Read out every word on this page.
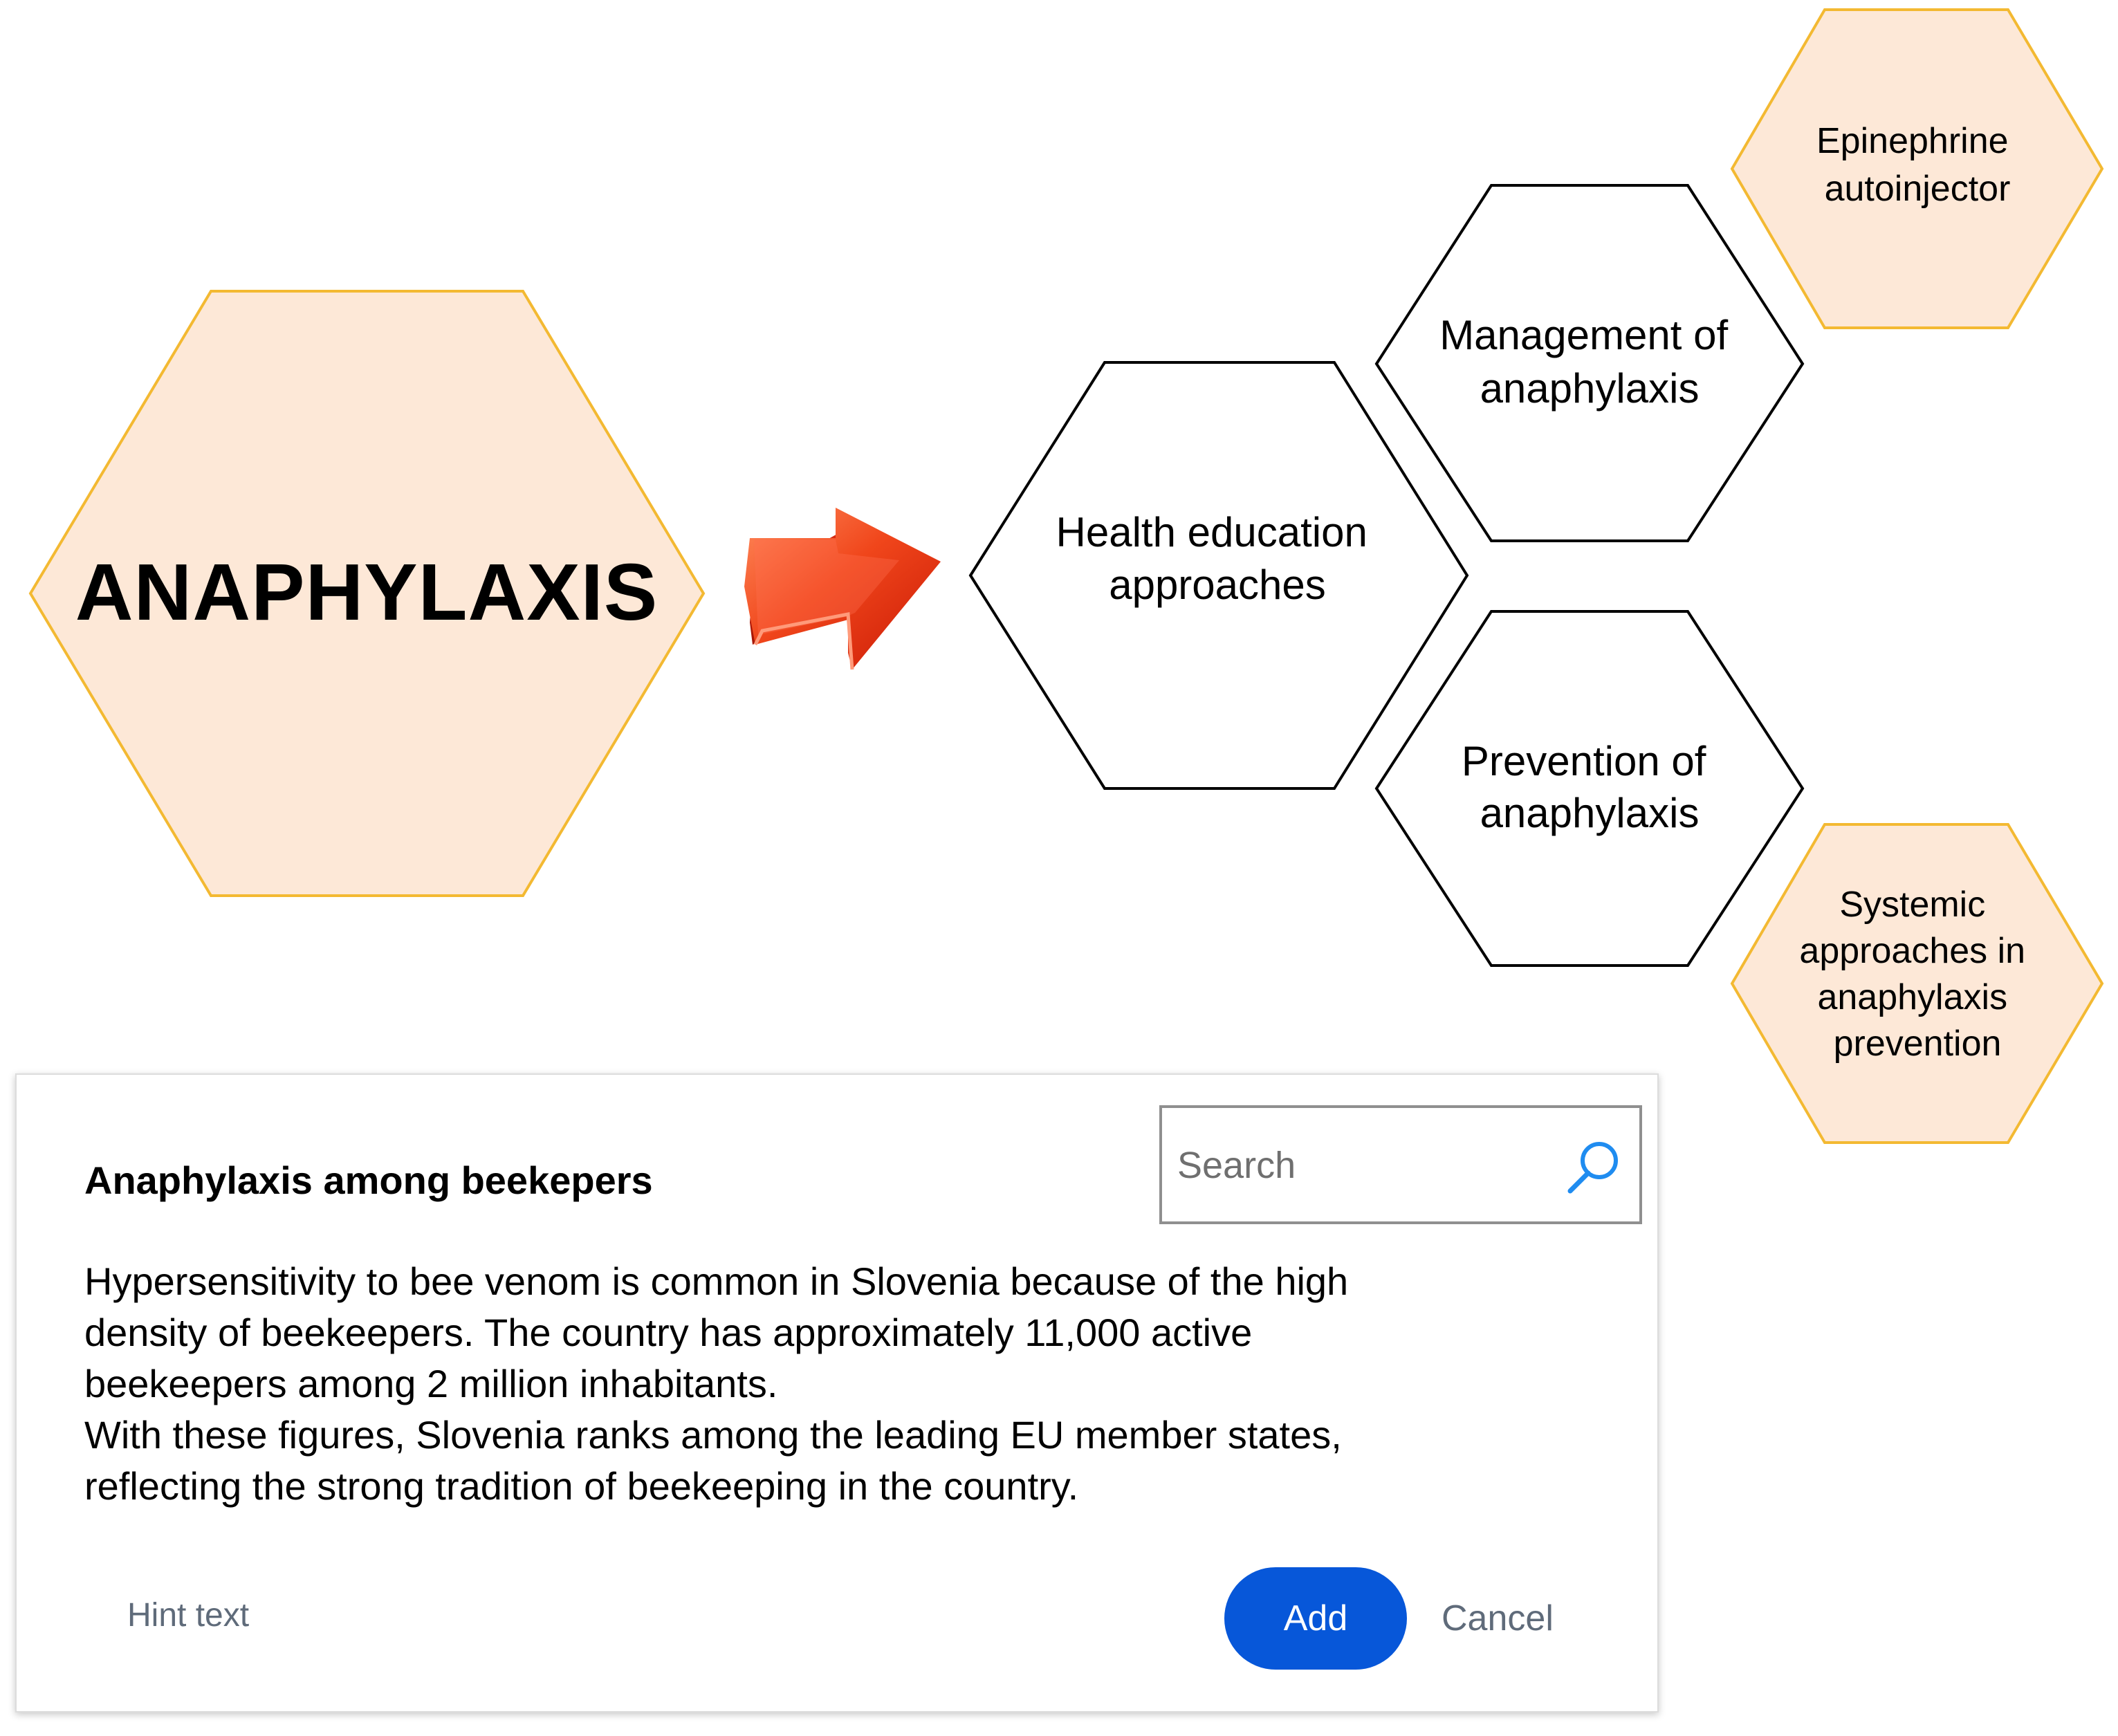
ANAPHYLAXIS
Health education approaches
Management of anaphylaxis
Prevention of anaphylaxis
Epinephrine autoinjector
Systemic approaches in anaphylaxis prevention
Anaphylaxis among beekepers
Search

Hypersensitivity to bee venom is common in Slovenia because of the high

density of beekeepers. The country has approximately 11,000 active

beekeepers among 2 million inhabitants.

With these figures, Slovenia ranks among the leading EU member states,

reflecting the strong tradition of beekeeping in the country.

Hint text	Add	Cancel
